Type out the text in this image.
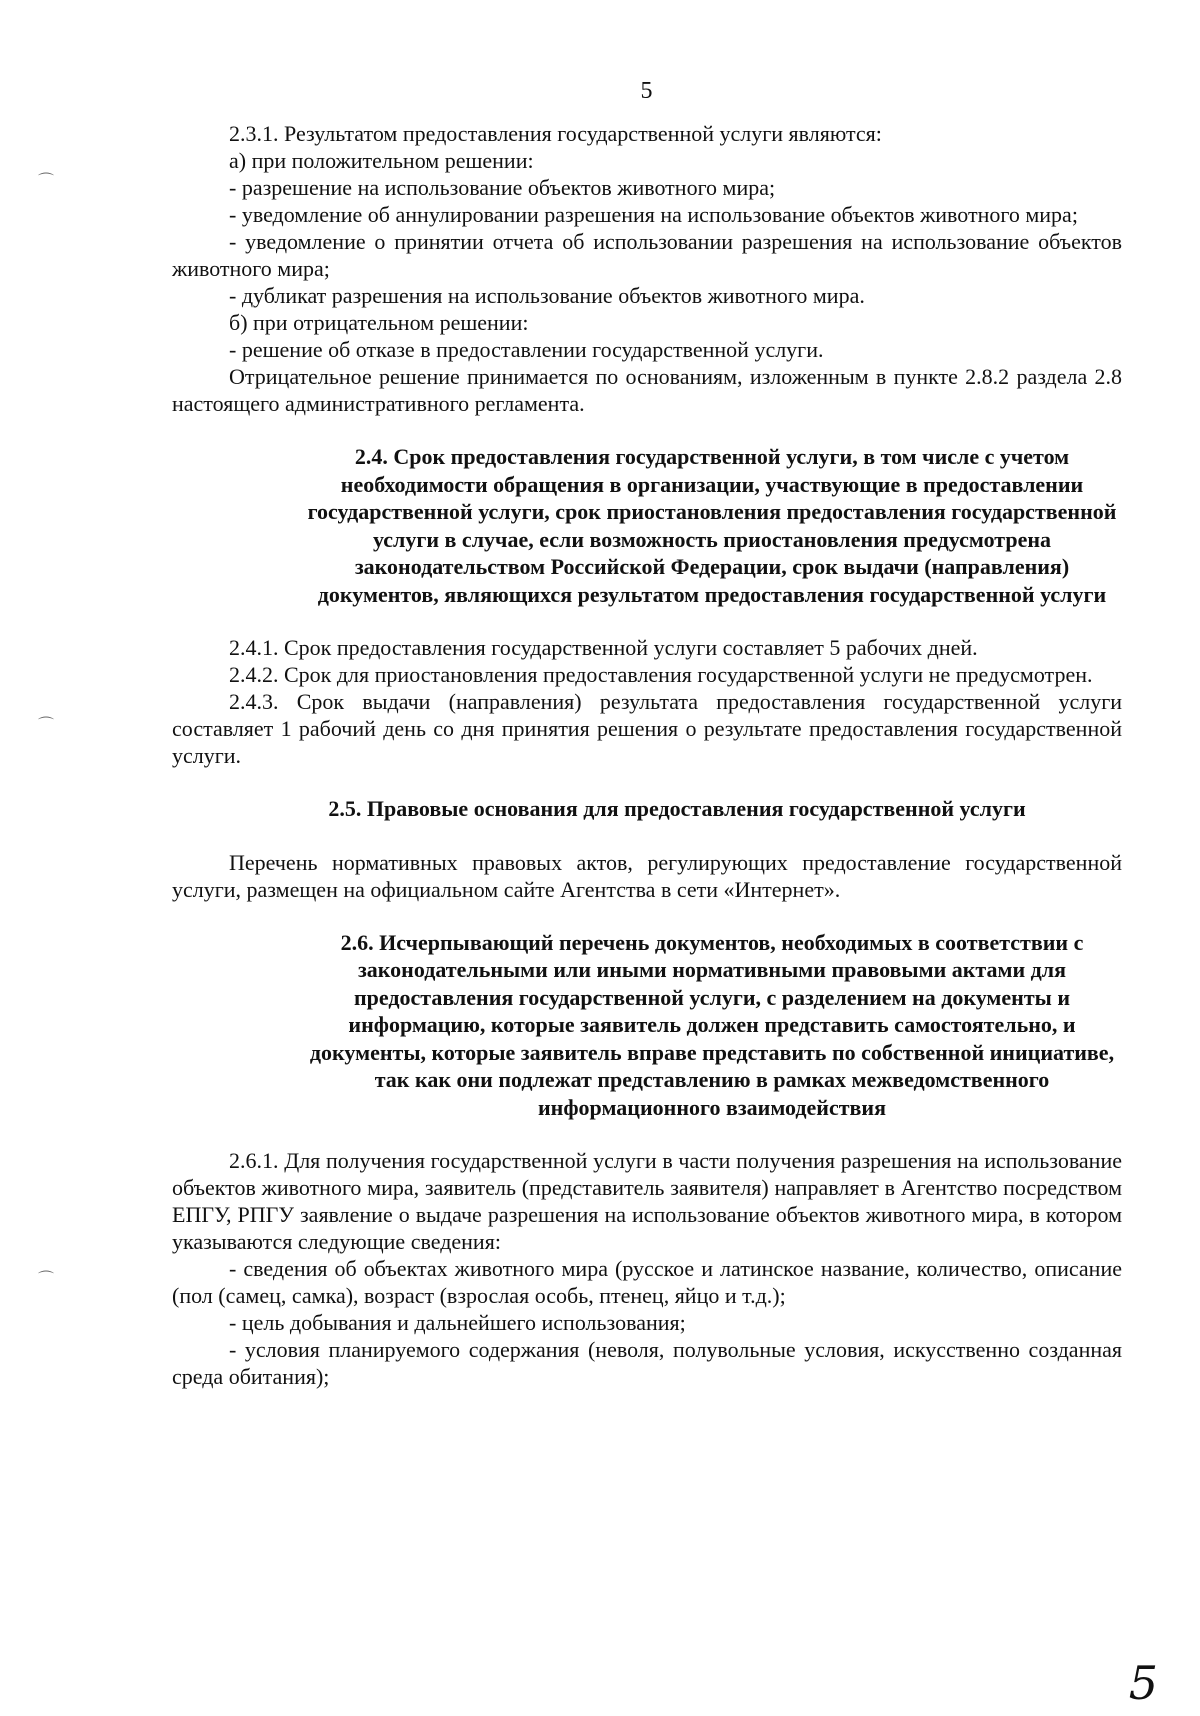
5

2.3.1. Результатом предоставления государственной услуги являются:

а) при положительном решении:

- разрешение на использование объектов животного мира;

- уведомление об аннулировании разрешения на использование объектов животного мира;

- уведомление о принятии отчета об использовании разрешения на использование объектов животного мира;

- дубликат разрешения на использование объектов животного мира.

б) при отрицательном решении:

- решение об отказе в предоставлении государственной услуги.

Отрицательное решение принимается по основаниям, изложенным в пункте 2.8.2 раздела 2.8 настоящего административного регламента.

2.4. Срок предоставления государственной услуги, в том числе с учетом необходимости обращения в организации, участвующие в предоставлении государственной услуги, срок приостановления предоставления государственной услуги в случае, если возможность приостановления предусмотрена законодательством Российской Федерации, срок выдачи (направления) документов, являющихся результатом предоставления государственной услуги

2.4.1. Срок предоставления государственной услуги составляет 5 рабочих дней.

2.4.2. Срок для приостановления предоставления государственной услуги не предусмотрен.

2.4.3. Срок выдачи (направления) результата предоставления государственной услуги составляет 1 рабочий день со дня принятия решения о результате предоставления государственной услуги.

2.5. Правовые основания для предоставления государственной услуги

Перечень нормативных правовых актов, регулирующих предоставление государственной услуги, размещен на официальном сайте Агентства в сети «Интернет».

2.6. Исчерпывающий перечень документов, необходимых в соответствии с законодательными или иными нормативными правовыми актами для предоставления государственной услуги, с разделением на документы и информацию, которые заявитель должен представить самостоятельно, и документы, которые заявитель вправе представить по собственной инициативе, так как они подлежат представлению в рамках межведомственного информационного взаимодействия

2.6.1. Для получения государственной услуги в части получения разрешения на использование объектов животного мира, заявитель (представитель заявителя) направляет в Агентство посредством ЕПГУ, РПГУ заявление о выдаче разрешения на использование объектов животного мира, в котором указываются следующие сведения:

- сведения об объектах животного мира (русское и латинское название, количество, описание (пол (самец, самка), возраст (взрослая особь, птенец, яйцо и т.д.);

- цель добывания и дальнейшего использования;

- условия планируемого содержания (неволя, полувольные условия, искусственно созданная среда обитания);

⌒
⌒
⌒
5
